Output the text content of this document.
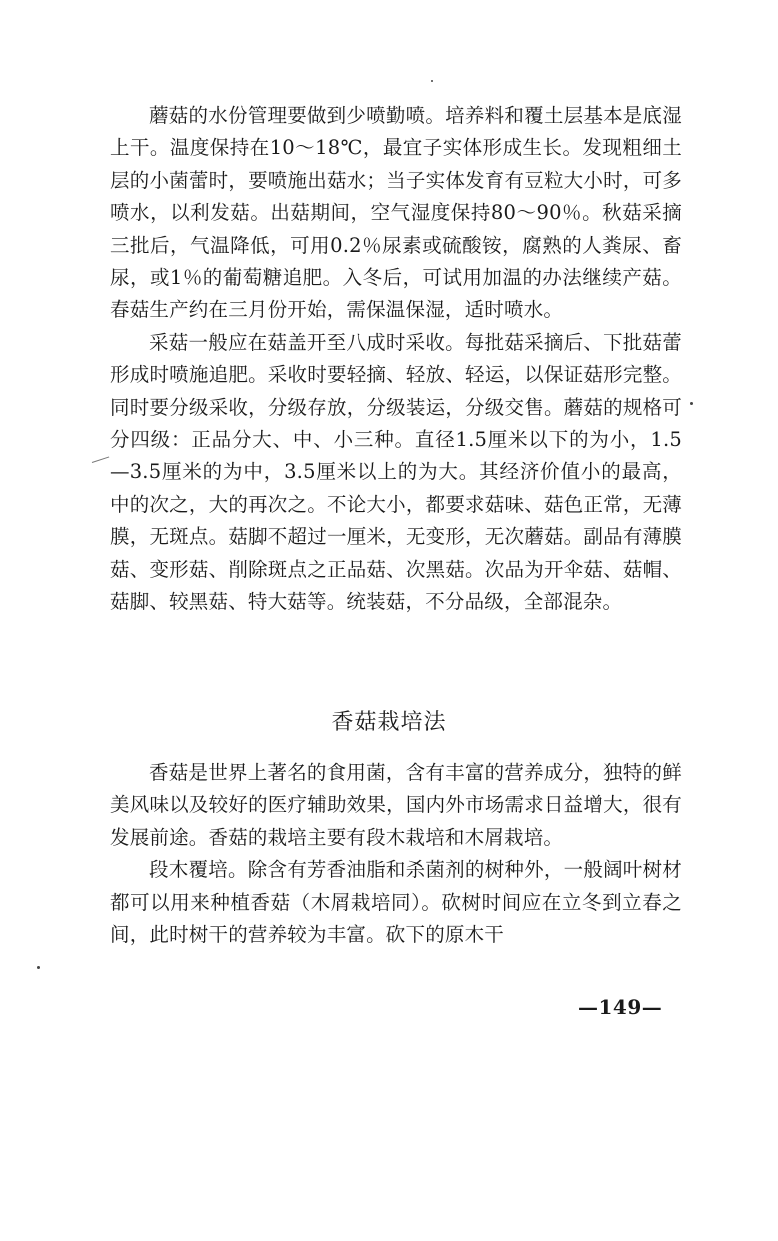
蘑菇的水份管理要做到少喷勤喷。培养料和覆土层基本是底湿上干。温度保持在10～18℃，最宜子实体形成生长。发现粗细土层的小菌蕾时，要喷施出菇水；当子实体发育有豆粒大小时，可多喷水，以利发菇。出菇期间，空气湿度保持80～90％。秋菇采摘三批后，气温降低，可用0.2％尿素或硫酸铵，腐熟的人粪尿、畜尿，或1％的葡萄糖追肥。入冬后，可试用加温的办法继续产菇。春菇生产约在三月份开始，需保温保湿，适时喷水。

采菇一般应在菇盖开至八成时采收。每批菇采摘后、下批菇蕾形成时喷施追肥。采收时要轻摘、轻放、轻运，以保证菇形完整。同时要分级采收，分级存放，分级装运，分级交售。蘑菇的规格可分四级：正品分大、中、小三种。直径1.5厘米以下的为小，1.5—3.5厘米的为中，3.5厘米以上的为大。其经济价值小的最高，中的次之，大的再次之。不论大小，都要求菇味、菇色正常，无薄膜，无斑点。菇脚不超过一厘米，无变形，无次蘑菇。副品有薄膜菇、变形菇、削除斑点之正品菇、次黑菇。次品为开伞菇、菇帽、菇脚、较黑菇、特大菇等。统装菇，不分品级，全部混杂。

香菇栽培法

香菇是世界上著名的食用菌，含有丰富的营养成分，独特的鲜美风味以及较好的医疗辅助效果，国内外市场需求日益增大，很有发展前途。香菇的栽培主要有段木栽培和木屑栽培。

段木覆培。除含有芳香油脂和杀菌剂的树种外，一般阔叶树材都可以用来种植香菇（木屑栽培同）。砍树时间应在立冬到立春之间，此时树干的营养较为丰富。砍下的原木干

—149—
